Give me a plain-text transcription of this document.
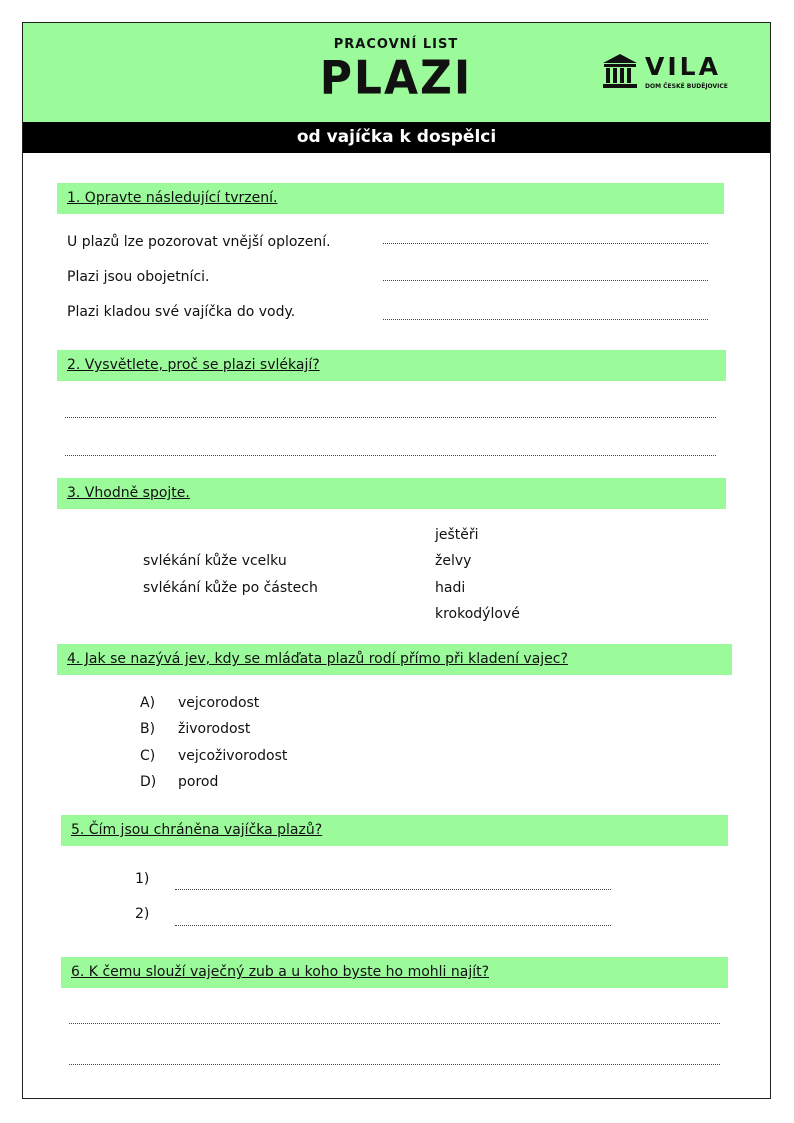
PRACOVNÍ LIST
PLAZI	VILA
DOM ČESKÉ BUDĚJOVICE
od vajíčka k dospělci
1. Opravte následující tvrzení.
U plazů lze pozorovat vnější oplození.
Plazi jsou obojetníci.
Plazi kladou své vajíčka do vody.
2. Vysvětlete, proč se plazi svlékají?
3. Vhodně spojte.
svlékání kůže vcelku
svlékání kůže po částech
ještěři
želvy
hadi
krokodýlové
4. Jak se nazývá jev, kdy se mláďata plazů rodí přímo při kladení vajec?
A) vejcorodost
B) živorodost
C) vejcoživorodost
D) porod
5. Čím jsou chráněna vajíčka plazů?
1)
2)
6. K čemu slouží vaječný zub a u koho byste ho mohli najít?
